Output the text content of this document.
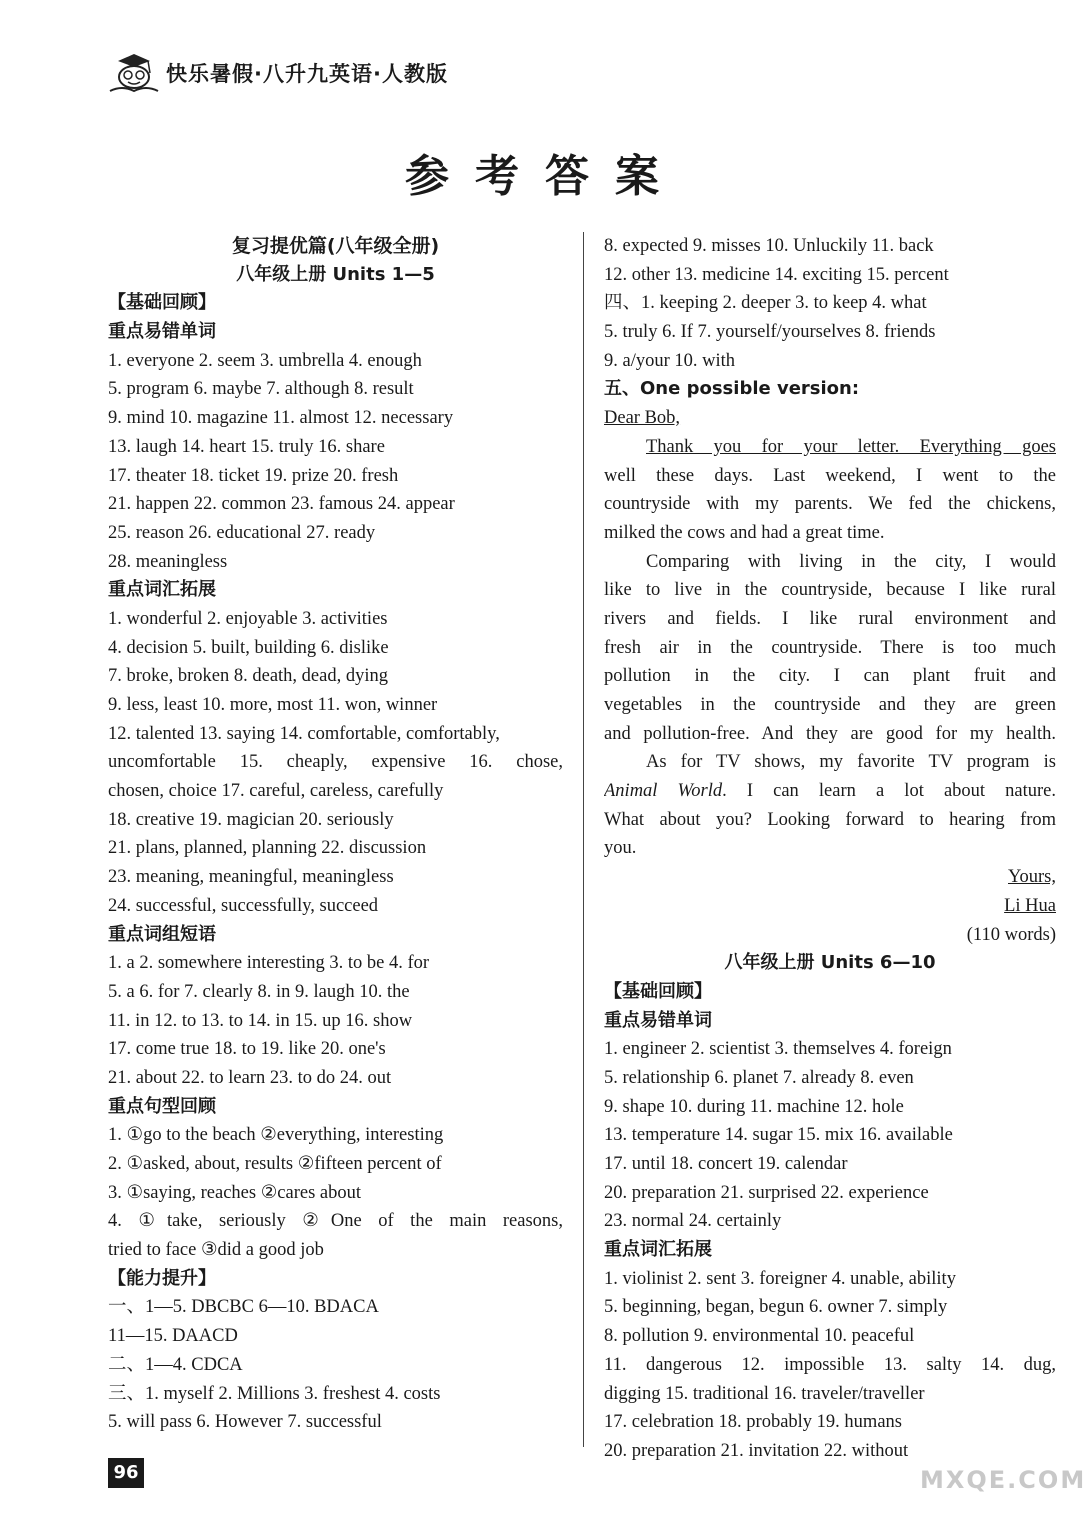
快乐暑假·八升九英语·人教版
参考答案
复习提优篇(八年级全册)
八年级上册 Units 1—5
【基础回顾】
重点易错单词
1. everyone 2. seem 3. umbrella 4. enough
5. program 6. maybe 7. although 8. result
9. mind 10. magazine 11. almost 12. necessary
13. laugh 14. heart 15. truly 16. share
17. theater 18. ticket 19. prize 20. fresh
21. happen 22. common 23. famous 24. appear
25. reason 26. educational 27. ready
28. meaningless
重点词汇拓展
1. wonderful 2. enjoyable 3. activities
4. decision 5. built, building 6. dislike
7. broke, broken 8. death, dead, dying
9. less, least 10. more, most 11. won, winner
12. talented 13. saying 14. comfortable, comfortably,
uncomfortable 15. cheaply, expensive 16. chose,
chosen, choice 17. careful, careless, carefully
18. creative 19. magician 20. seriously
21. plans, planned, planning 22. discussion
23. meaning, meaningful, meaningless
24. successful, successfully, succeed
重点词组短语
1. a 2. somewhere interesting 3. to be 4. for
5. a 6. for 7. clearly 8. in 9. laugh 10. the
11. in 12. to 13. to 14. in 15. up 16. show
17. come true 18. to 19. like 20. one's
21. about 22. to learn 23. to do 24. out
重点句型回顾
1. ①go to the beach ②everything, interesting
2. ①asked, about, results ②fifteen percent of
3. ①saying, reaches ②cares about
4. ①take, seriously ②One of the main reasons,
tried to face ③did a good job
【能力提升】
一、1—5. DBCBC 6—10. BDACA
11—15. DAACD
二、1—4. CDCA
三、1. myself 2. Millions 3. freshest 4. costs
5. will pass 6. However 7. successful
8. expected 9. misses 10. Unluckily 11. back
12. other 13. medicine 14. exciting 15. percent
四、1. keeping 2. deeper 3. to keep 4. what
5. truly 6. If 7. yourself/yourselves 8. friends
9. a/your 10. with
五、One possible version:
Dear Bob,
Thank you for your letter. Everything goes
well these days. Last weekend, I went to the
countryside with my parents. We fed the chickens,
milked the cows and had a great time.
Comparing with living in the city, I would
like to live in the countryside, because I like rural
rivers and fields. I like rural environment and
fresh air in the countryside. There is too much
pollution in the city. I can plant fruit and
vegetables in the countryside and they are green
and pollution-free. And they are good for my health.
As for TV shows, my favorite TV program is
Animal World. I can learn a lot about nature.
What about you? Looking forward to hearing from
you.
Yours,
Li Hua
(110 words)
八年级上册 Units 6—10
【基础回顾】
重点易错单词
1. engineer 2. scientist 3. themselves 4. foreign
5. relationship 6. planet 7. already 8. even
9. shape 10. during 11. machine 12. hole
13. temperature 14. sugar 15. mix 16. available
17. until 18. concert 19. calendar
20. preparation 21. surprised 22. experience
23. normal 24. certainly
重点词汇拓展
1. violinist 2. sent 3. foreigner 4. unable, ability
5. beginning, began, begun 6. owner 7. simply
8. pollution 9. environmental 10. peaceful
11. dangerous 12. impossible 13. salty 14. dug,
digging 15. traditional 16. traveler/traveller
17. celebration 18. probably 19. humans
20. preparation 21. invitation 22. without
96	MXQE.COM
